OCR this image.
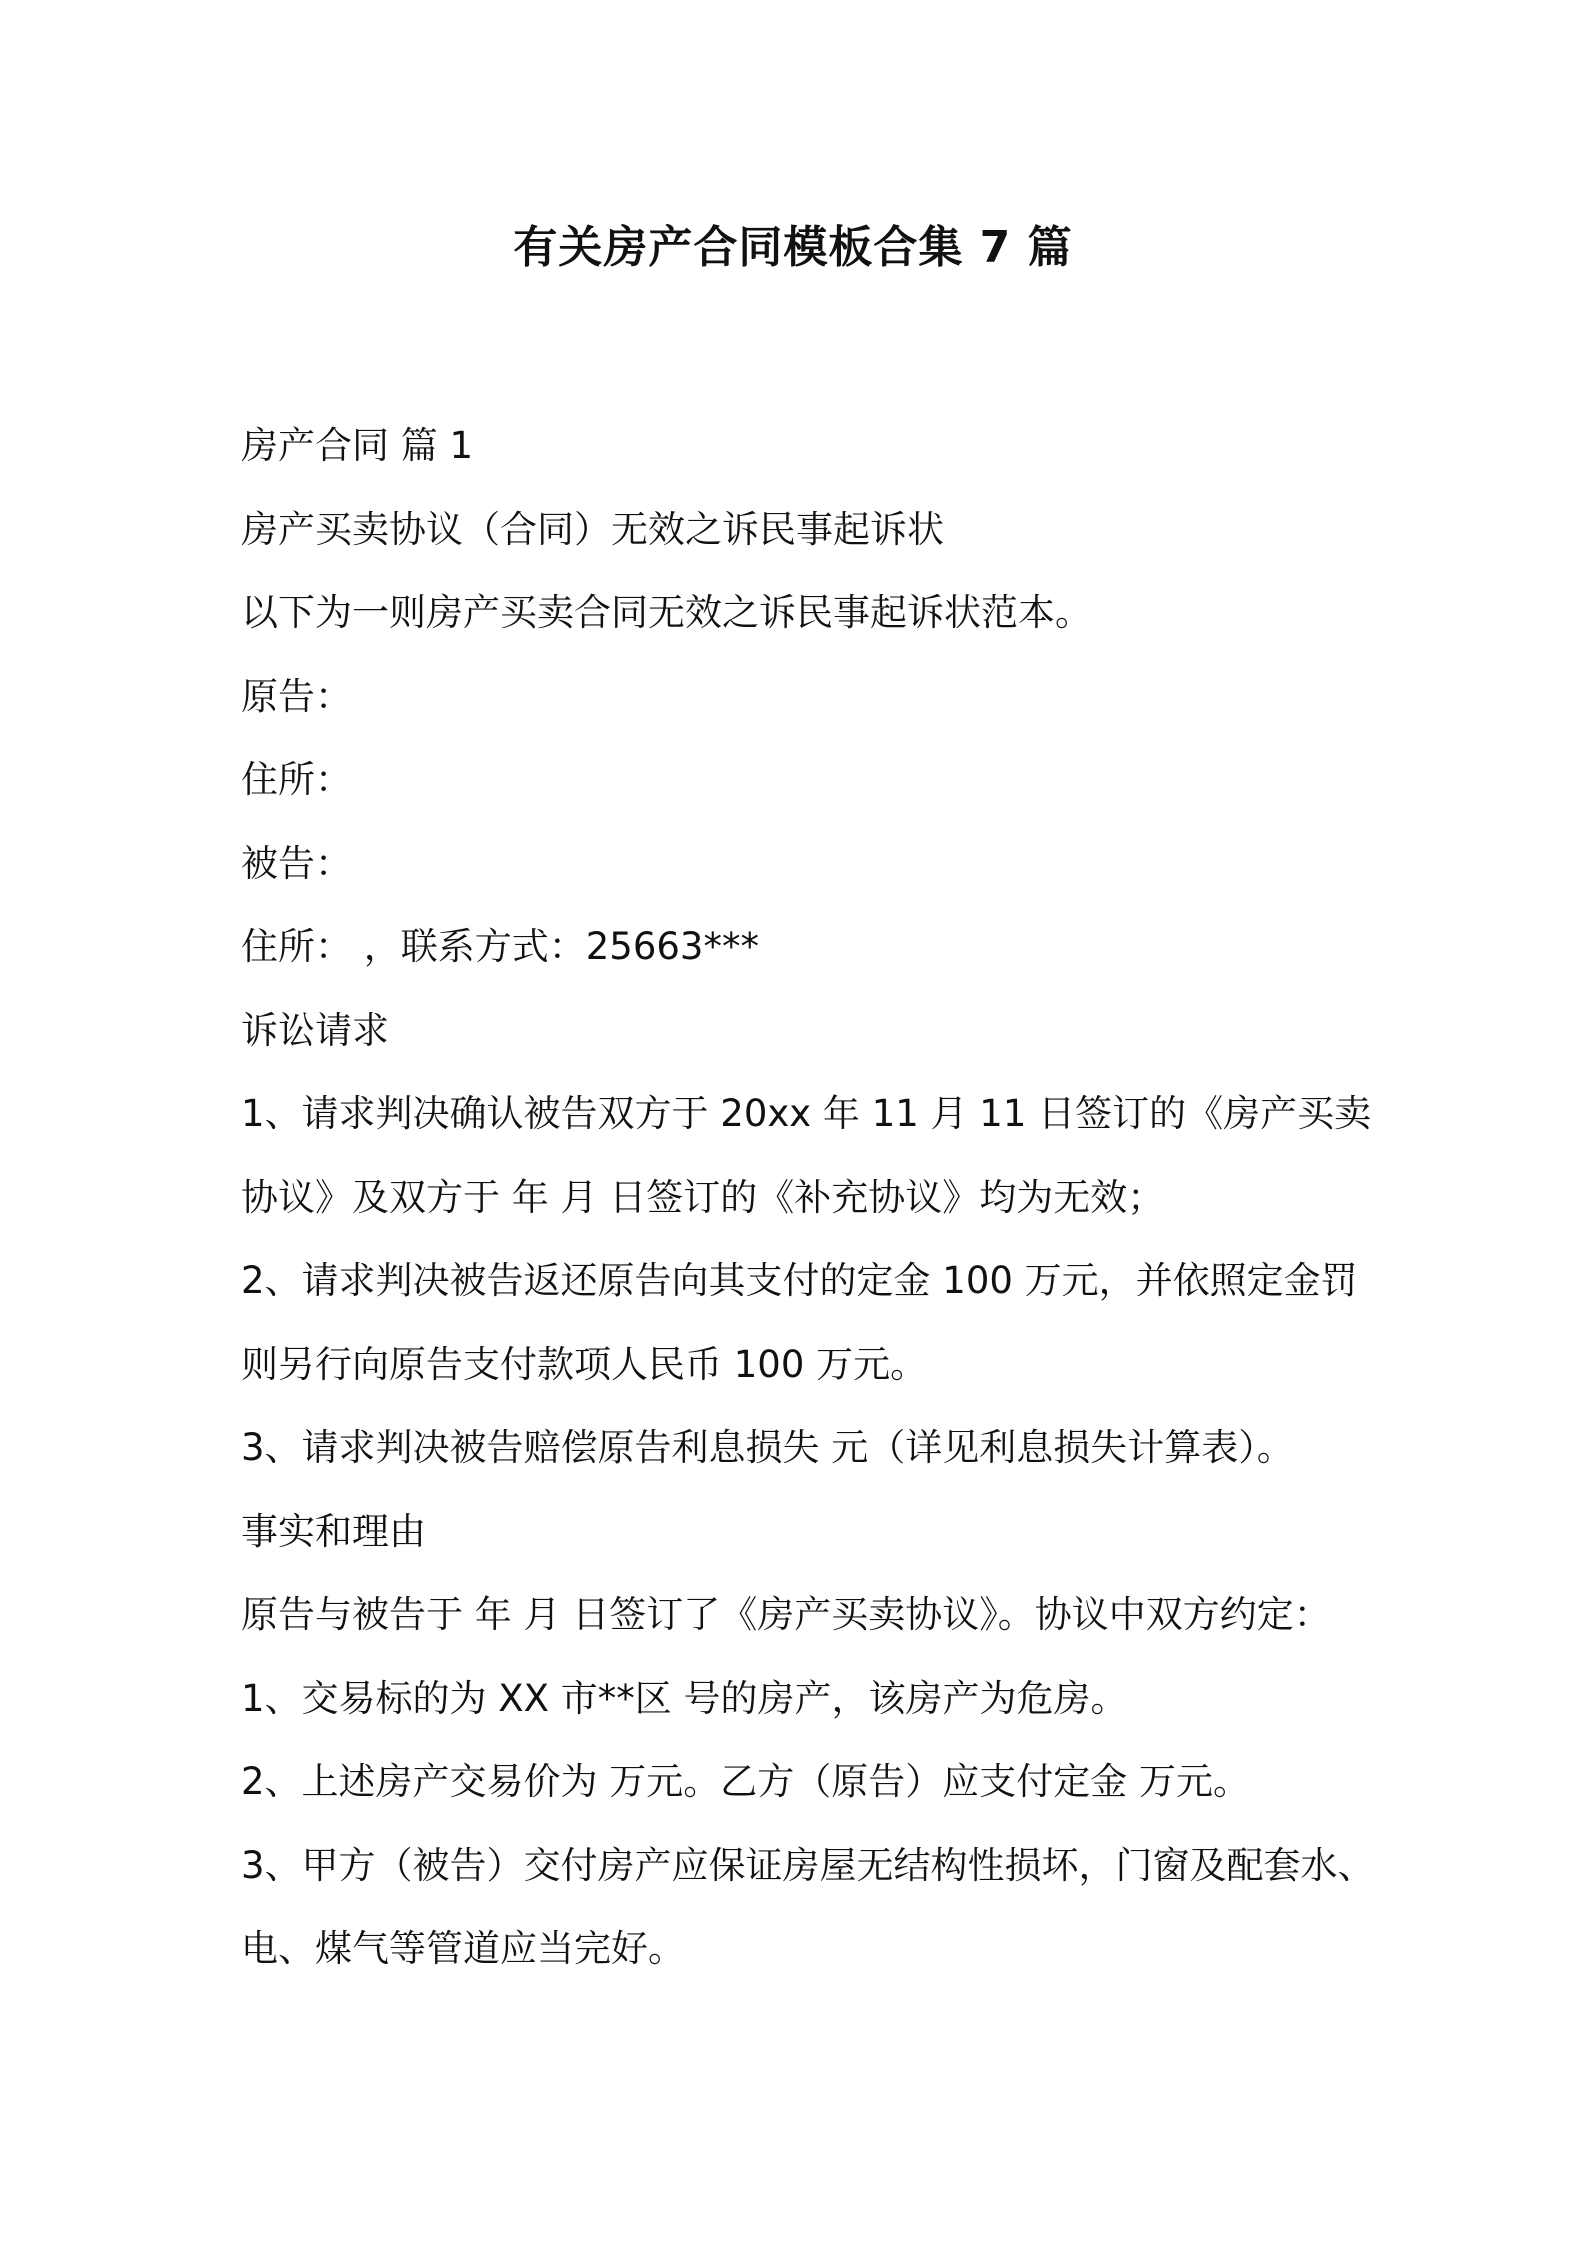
有关房产合同模板合集 7 篇

房产合同 篇 1

房产买卖协议（合同）无效之诉民事起诉状

以下为一则房产买卖合同无效之诉民事起诉状范本。

原告：

住所：

被告：

住所： ，联系方式：25663***

诉讼请求

1、请求判决确认被告双方于 20xx 年 11 月 11 日签订的《房产买卖

协议》及双方于 年 月 日签订的《补充协议》均为无效；

2、请求判决被告返还原告向其支付的定金 100 万元，并依照定金罚

则另行向原告支付款项人民币 100 万元。

3、请求判决被告赔偿原告利息损失 元（详见利息损失计算表）。

事实和理由

原告与被告于 年 月 日签订了《房产买卖协议》。协议中双方约定：

1、交易标的为 XX 市**区 号的房产，该房产为危房。

2、上述房产交易价为 万元。乙方（原告）应支付定金 万元。

3、甲方（被告）交付房产应保证房屋无结构性损坏，门窗及配套水、

电、煤气等管道应当完好。
